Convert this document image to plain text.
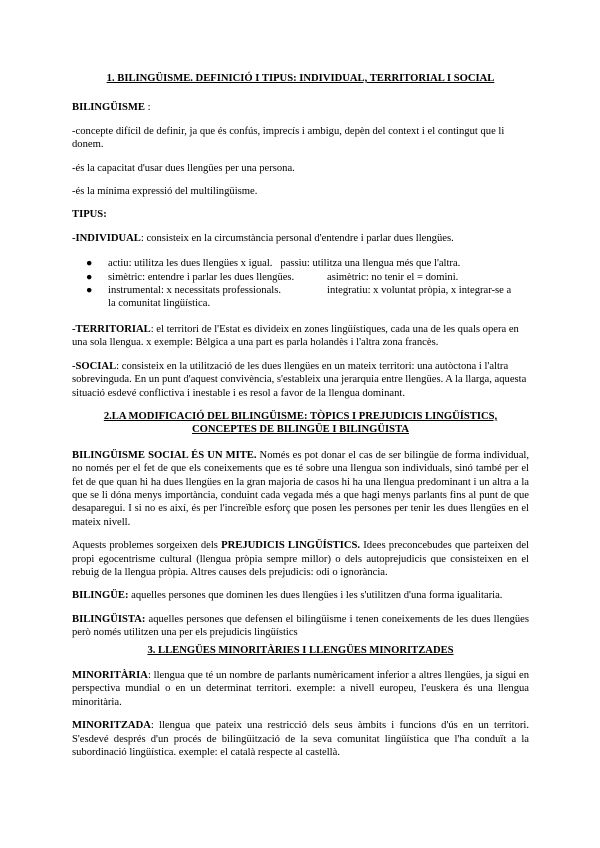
1. BILINGÜISME. DEFINICIÓ I TIPUS: INDIVIDUAL, TERRITORIAL I SOCIAL

BILINGÜISME :

-concepte difícil de definir, ja que és confús, imprecís i ambigu, depèn del context i el contingut que li donem.

-és la capacitat d'usar dues llengües per una persona.

-és la mínima expressió del multilingüisme.

TIPUS:

-INDIVIDUAL: consisteix en la circumstància personal d'entendre i parlar dues llengües.

● actiu: utilitza les dues llengües x igual. passiu: utilitza una llengua més que l'altra.
● simètric: entendre i parlar les dues llengües.	asimètric: no tenir el = domini.
● instrumental: x necessitats professionals.	integratiu: x voluntat pròpia, x integrar-se a

la comunitat lingüística.

-TERRITORIAL: el territori de l'Estat es divideix en zones lingüístiques, cada una de les quals opera en una sola llengua. x exemple: Bèlgica a una part es parla holandès i l'altra zona francès.

-SOCIAL: consisteix en la utilització de les dues llengües en un mateix territori: una autòctona i l'altra sobrevinguda. En un punt d'aquest convivència, s'estableix una jerarquia entre llengües. A la llarga, aquesta situació esdevé conflictiva i inestable i es resol a favor de la llengua dominant.

2.LA MODIFICACIÓ DEL BILINGÜISME: TÒPICS I PREJUDICIS LINGÜÍSTICS,
CONCEPTES DE BILINGÜE I BILINGÜISTA

BILINGÜISME SOCIAL ÉS UN MITE. Només es pot donar el cas de ser bilingüe de forma individual, no només per el fet de que els coneixements que es té sobre una llengua son individuals, sinó també per el fet de que quan hi ha dues llengües en la gran majoria de casos hi ha una llengua predominant i un altra a la que se li dóna menys importància, conduint cada vegada més a que hagi menys parlants fins al punt de que desaparegui. I si no es així, és per l'increïble esforç que posen les persones per tenir les dues llengües en el mateix nivell.

Aquests problemes sorgeixen dels PREJUDICIS LINGÜÍSTICS. Idees preconcebudes que parteixen del propi egocentrisme cultural (llengua pròpia sempre millor) o dels autoprejudicis que consisteixen en el rebuig de la llengua pròpia. Altres causes dels prejudicis: odi o ignorància.

BILINGÜE: aquelles persones que dominen les dues llengües i les s'utilitzen d'una forma igualitaria.

BILINGÜISTA: aquelles persones que defensen el bilingüisme i tenen coneixements de les dues llengües però només utilitzen una per els prejudicis lingüístics

3. LLENGÜES MINORITÀRIES I LLENGÜES MINORITZADES

MINORITÀRIA: llengua que té un nombre de parlants numèricament inferior a altres llengües, ja sigui en perspectiva mundial o en un determinat territori. exemple: a nivell europeu, l'euskera és una llengua minoritària.

MINORITZADA: llengua que pateix una restricció dels seus àmbits i funcions d'ús en un territori. S'esdevé després d'un procés de bilingüització de la seva comunitat lingüística que l'ha conduït a la subordinació lingüística. exemple: el català respecte al castellà.
